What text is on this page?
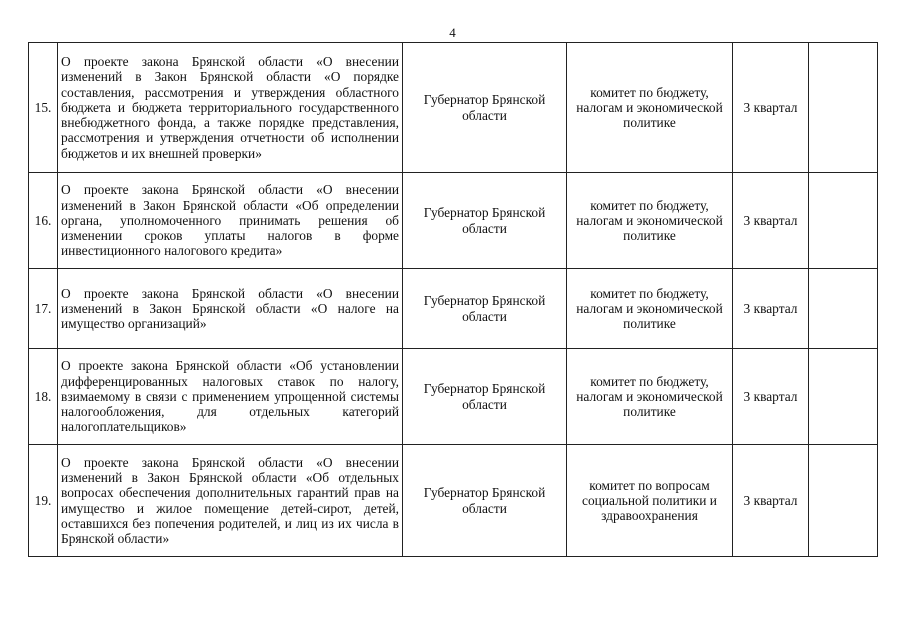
4
15.	О проекте закона Брянской области «О внесении изменений в Закон Брянской области «О порядке составления, рассмотрения и утверждения областного бюджета и бюджета территориального государственного внебюджетного фонда, а также порядке представления, рассмотрения и утверждения отчетности об исполнении бюджетов и их внешней проверки»	Губернатор Брянской области	комитет по бюджету, налогам и экономической политике	3 квартал	
16.	О проекте закона Брянской области «О внесении изменений в Закон Брянской области «Об определении органа, уполномоченного принимать решения об изменении сроков уплаты налогов в форме инвестиционного налогового кредита»	Губернатор Брянской области	комитет по бюджету, налогам и экономической политике	3 квартал	
17.	О проекте закона Брянской области «О внесении изменений в Закон Брянской области «О налоге на имущество организаций»	Губернатор Брянской области	комитет по бюджету, налогам и экономической политике	3 квартал	
18.	О проекте закона Брянской области «Об установлении дифференцированных налоговых ставок по налогу, взимаемому в связи с применением упрощенной системы налогообложения, для отдельных категорий налогоплательщиков»	Губернатор Брянской области	комитет по бюджету, налогам и экономической политике	3 квартал	
19.	О проекте закона Брянской области «О внесении изменений в Закон Брянской области «Об отдельных вопросах обеспечения дополнительных гарантий прав на имущество и жилое помещение детей-сирот, детей, оставшихся без попечения родителей, и лиц из их числа в Брянской области»	Губернатор Брянской области	комитет по вопросам социальной политики и здравоохранения	3 квартал	
